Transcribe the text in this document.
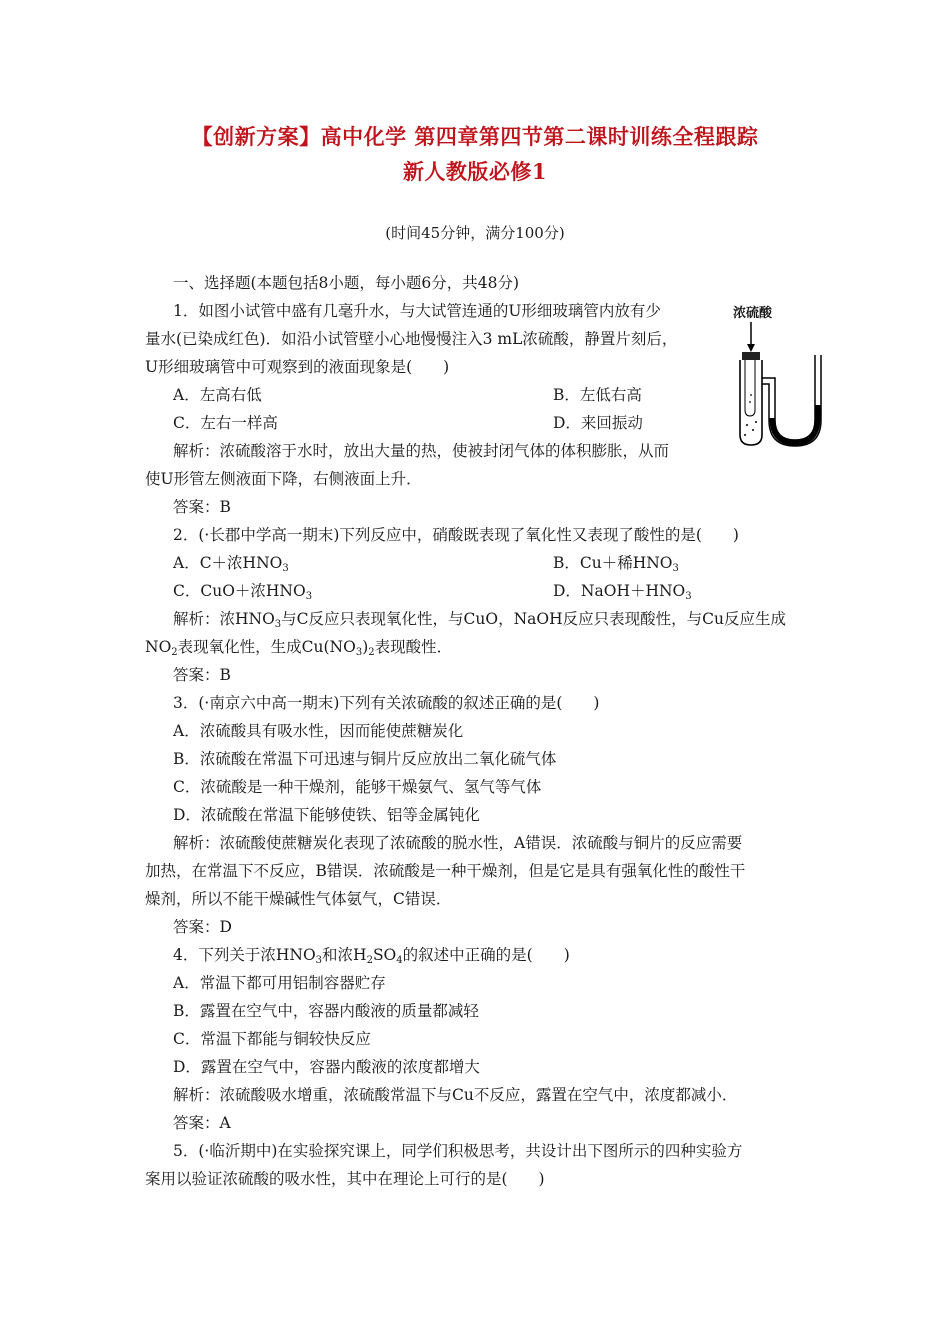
【创新方案】高中化学 第四章第四节第二课时训练全程跟踪
新人教版必修1
(时间45分钟，满分100分)
一、选择题(本题包括8小题，每小题6分，共48分)
1．如图小试管中盛有几毫升水，与大试管连通的U形细玻璃管内放有少
量水(已染成红色)．如沿小试管壁小心地慢慢注入3 mL浓硫酸，静置片刻后，
U形细玻璃管中可观察到的液面现象是(　　)
A．左高右低	B．左低右高
C．左右一样高	D．来回振动
解析：浓硫酸溶于水时，放出大量的热，使被封闭气体的体积膨胀，从而
使U形管左侧液面下降，右侧液面上升．
答案：B
浓硫酸
2．(·长郡中学高一期末)下列反应中，硝酸既表现了氧化性又表现了酸性的是(　　)
A．C＋浓$HNO_3$	B．Cu＋稀$HNO_3$
C．CuO＋浓$HNO_3$	D．$NaOH+HNO_3$
解析：浓$HNO_3$与C反应只表现氧化性，与CuO，NaOH反应只表现酸性，与Cu反应生成
$NO_2$表现氧化性，生成$Cu(NO_3)_2$表现酸性．
答案：B
3．(·南京六中高一期末)下列有关浓硫酸的叙述正确的是(　　)
A．浓硫酸具有吸水性，因而能使蔗糖炭化
B．浓硫酸在常温下可迅速与铜片反应放出二氧化硫气体
C．浓硫酸是一种干燥剂，能够干燥氨气、氢气等气体
D．浓硫酸在常温下能够使铁、铝等金属钝化
解析：浓硫酸使蔗糖炭化表现了浓硫酸的脱水性，A错误．浓硫酸与铜片的反应需要
加热，在常温下不反应，B错误．浓硫酸是一种干燥剂，但是它是具有强氧化性的酸性干
燥剂，所以不能干燥碱性气体氨气，C错误．
答案：D
4．下列关于浓$HNO_3$和浓$H_2SO_4$的叙述中正确的是(　　)
A．常温下都可用铝制容器贮存
B．露置在空气中，容器内酸液的质量都减轻
C．常温下都能与铜较快反应
D．露置在空气中，容器内酸液的浓度都增大
解析：浓硫酸吸水增重，浓硫酸常温下与Cu不反应，露置在空气中，浓度都减小．
答案：A
5．(·临沂期中)在实验探究课上，同学们积极思考，共设计出下图所示的四种实验方
案用以验证浓硫酸的吸水性，其中在理论上可行的是(　　)
